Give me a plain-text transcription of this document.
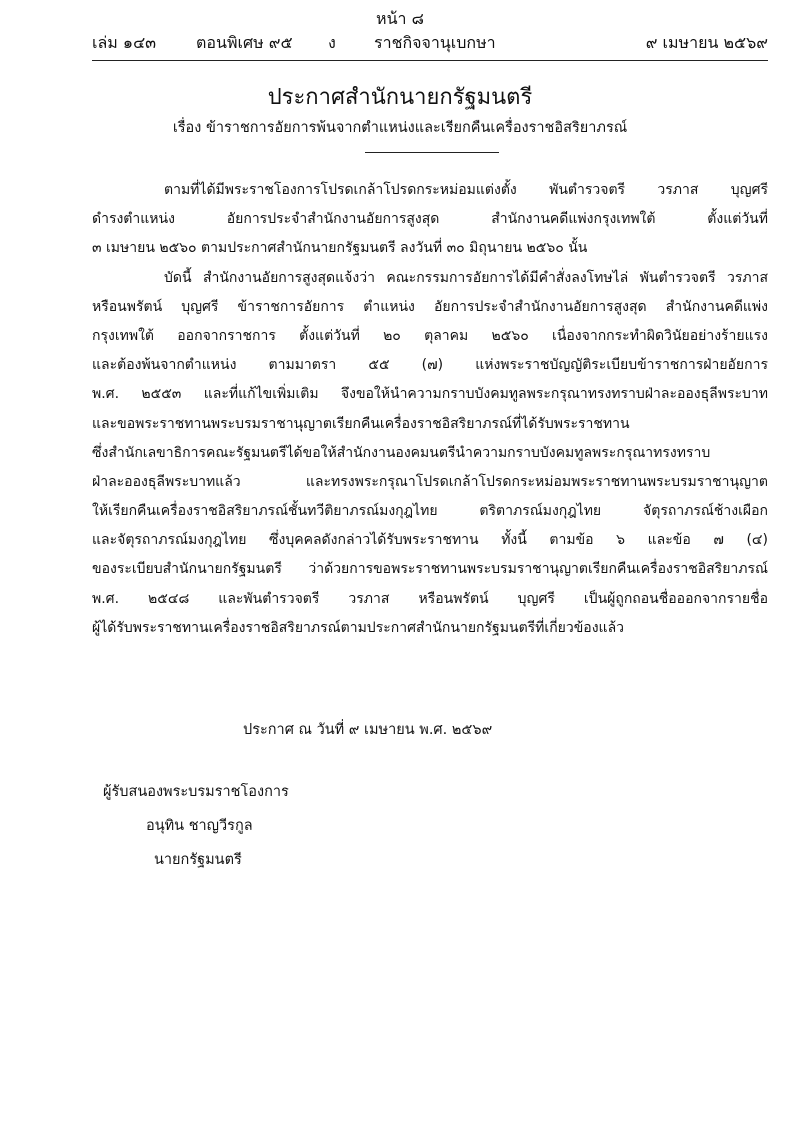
หน้า ๘
เล่ม ๑๔๓ ตอนพิเศษ ๙๕ ง ราชกิจจานุเบกษา	๙ เมษายน ๒๕๖๙
ประกาศสำนักนายกรัฐมนตรี
เรื่อง ข้าราชการอัยการพ้นจากตำแหน่งและเรียกคืนเครื่องราชอิสริยาภรณ์
ตามที่ได้มีพระราชโองการโปรดเกล้าโปรดกระหม่อมแต่งตั้ง พันตำรวจตรี วรภาส บุญศรี
ดำรงตำแหน่ง อัยการประจำสำนักงานอัยการสูงสุด สำนักงานคดีแพ่งกรุงเทพใต้ ตั้งแต่วันที่
๓ เมษายน ๒๕๖๐ ตามประกาศสำนักนายกรัฐมนตรี ลงวันที่ ๓๐ มิถุนายน ๒๕๖๐ นั้น
บัดนี้ สำนักงานอัยการสูงสุดแจ้งว่า คณะกรรมการอัยการได้มีคำสั่งลงโทษไล่ พันตำรวจตรี วรภาส
หรือนพรัตน์ บุญศรี ข้าราชการอัยการ ตำแหน่ง อัยการประจำสำนักงานอัยการสูงสุด สำนักงานคดีแพ่ง
กรุงเทพใต้ ออกจากราชการ ตั้งแต่วันที่ ๒๐ ตุลาคม ๒๕๖๐ เนื่องจากกระทำผิดวินัยอย่างร้ายแรง
และต้องพ้นจากตำแหน่ง ตามมาตรา ๕๕ (๗) แห่งพระราชบัญญัติระเบียบข้าราชการฝ่ายอัยการ
พ.ศ. ๒๕๕๓ และที่แก้ไขเพิ่มเติม จึงขอให้นำความกราบบังคมทูลพระกรุณาทรงทราบฝ่าละอองธุลีพระบาท
และขอพระราชทานพระบรมราชานุญาตเรียกคืนเครื่องราชอิสริยาภรณ์ที่ได้รับพระราชทาน
ซึ่งสำนักเลขาธิการคณะรัฐมนตรีได้ขอให้สำนักงานองคมนตรีนำความกราบบังคมทูลพระกรุณาทรงทราบ
ฝ่าละอองธุลีพระบาทแล้ว และทรงพระกรุณาโปรดเกล้าโปรดกระหม่อมพระราชทานพระบรมราชานุญาต
ให้เรียกคืนเครื่องราชอิสริยาภรณ์ชั้นทวีติยาภรณ์มงกุฎไทย ตริตาภรณ์มงกุฎไทย จัตุรถาภรณ์ช้างเผือก
และจัตุรถาภรณ์มงกุฎไทย ซึ่งบุคคลดังกล่าวได้รับพระราชทาน ทั้งนี้ ตามข้อ ๖ และข้อ ๗ (๔)
ของระเบียบสำนักนายกรัฐมนตรี ว่าด้วยการขอพระราชทานพระบรมราชานุญาตเรียกคืนเครื่องราชอิสริยาภรณ์
พ.ศ. ๒๕๔๘ และพันตำรวจตรี วรภาส หรือนพรัตน์ บุญศรี เป็นผู้ถูกถอนชื่อออกจากรายชื่อ
ผู้ได้รับพระราชทานเครื่องราชอิสริยาภรณ์ตามประกาศสำนักนายกรัฐมนตรีที่เกี่ยวข้องแล้ว
ประกาศ ณ วันที่ ๙ เมษายน พ.ศ. ๒๕๖๙
ผู้รับสนองพระบรมราชโองการ
อนุทิน ชาญวีรกูล
นายกรัฐมนตรี
